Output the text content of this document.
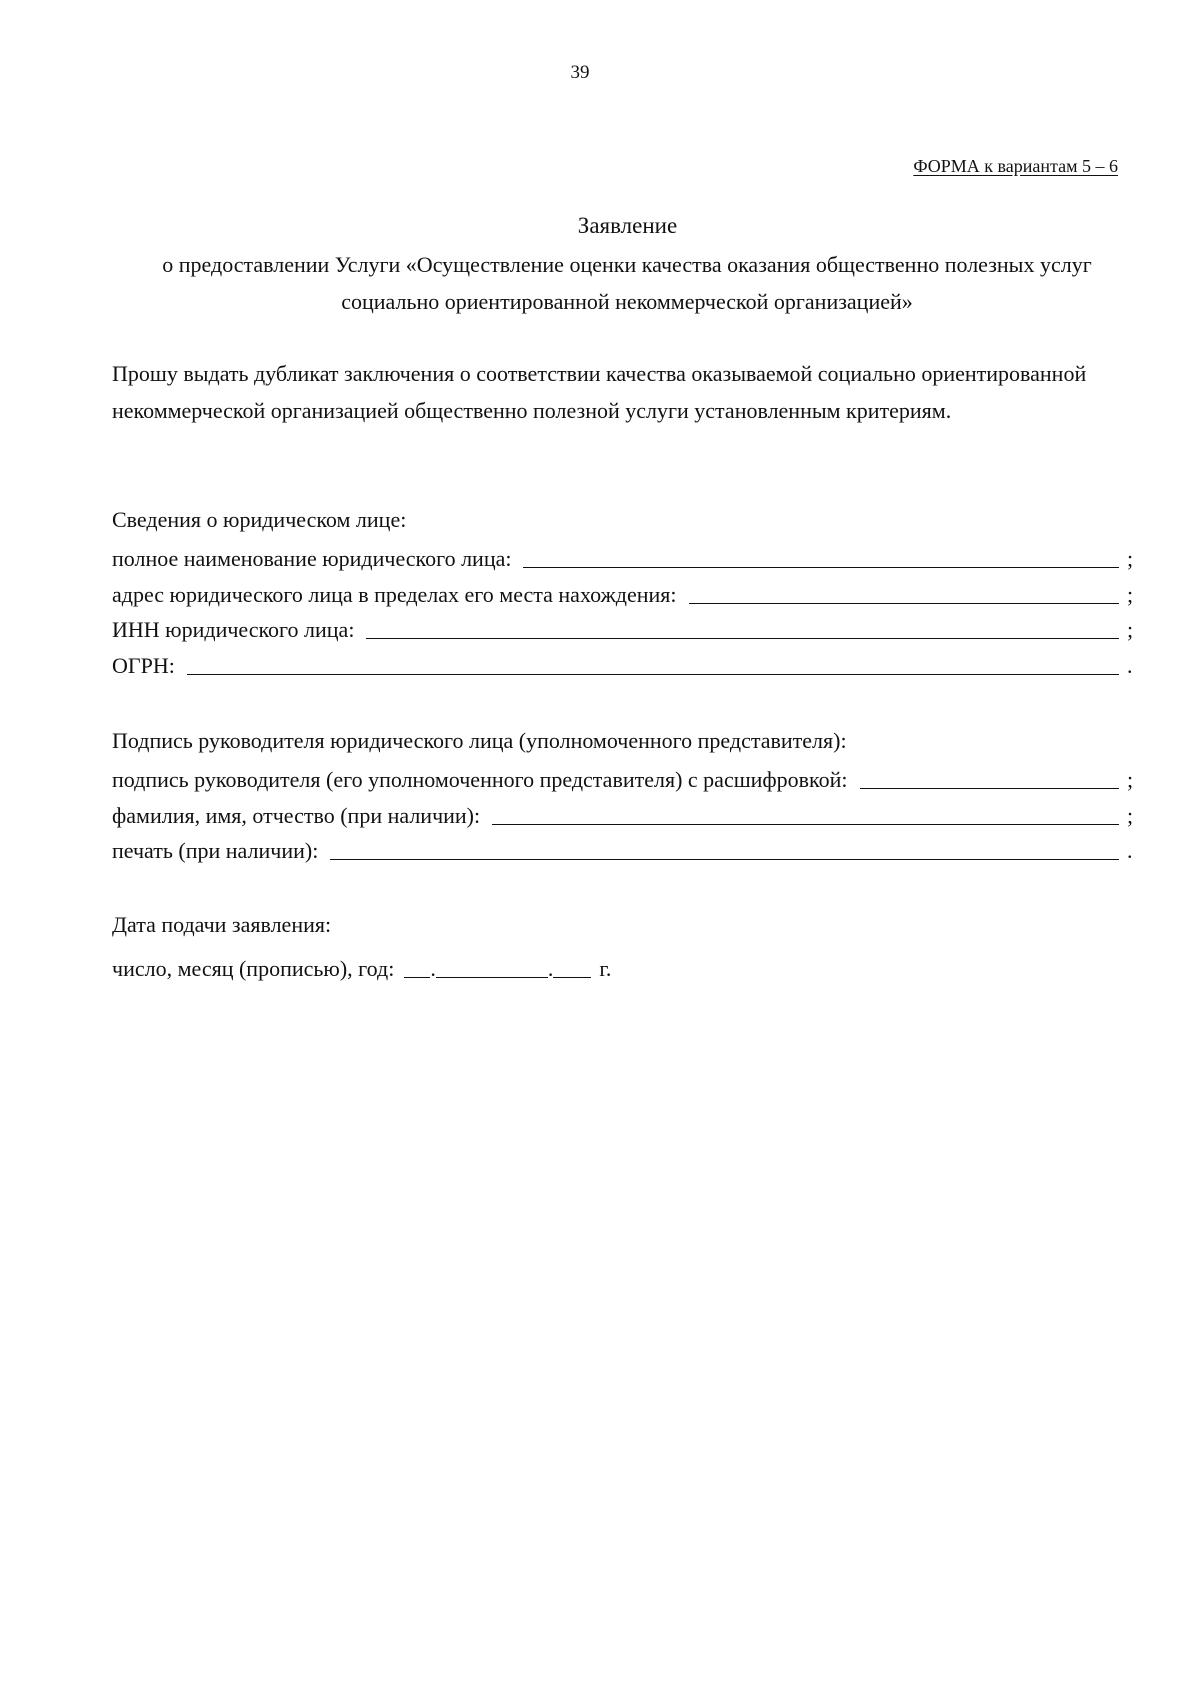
39
ФОРМА к вариантам 5 – 6
Заявление
о предоставлении Услуги «Осуществление оценки качества оказания общественно полезных услуг социально ориентированной некоммерческой организацией»
Прошу выдать дубликат заключения о соответствии качества оказываемой социально ориентированной некоммерческой организацией общественно полезной услуги установленным критериям.
Сведения о юридическом лице:
полное наименование юридического лица:	;
адрес юридического лица в пределах его места нахождения:	;
ИНН юридического лица:	;
ОГРН:	.
Подпись руководителя юридического лица (уполномоченного представителя):
подпись руководителя (его уполномоченного представителя) с расшифровкой:	;
фамилия, имя, отчество (при наличии):	;
печать (при наличии):	.
Дата подачи заявления:
число, месяц (прописью), год: .	. г.
